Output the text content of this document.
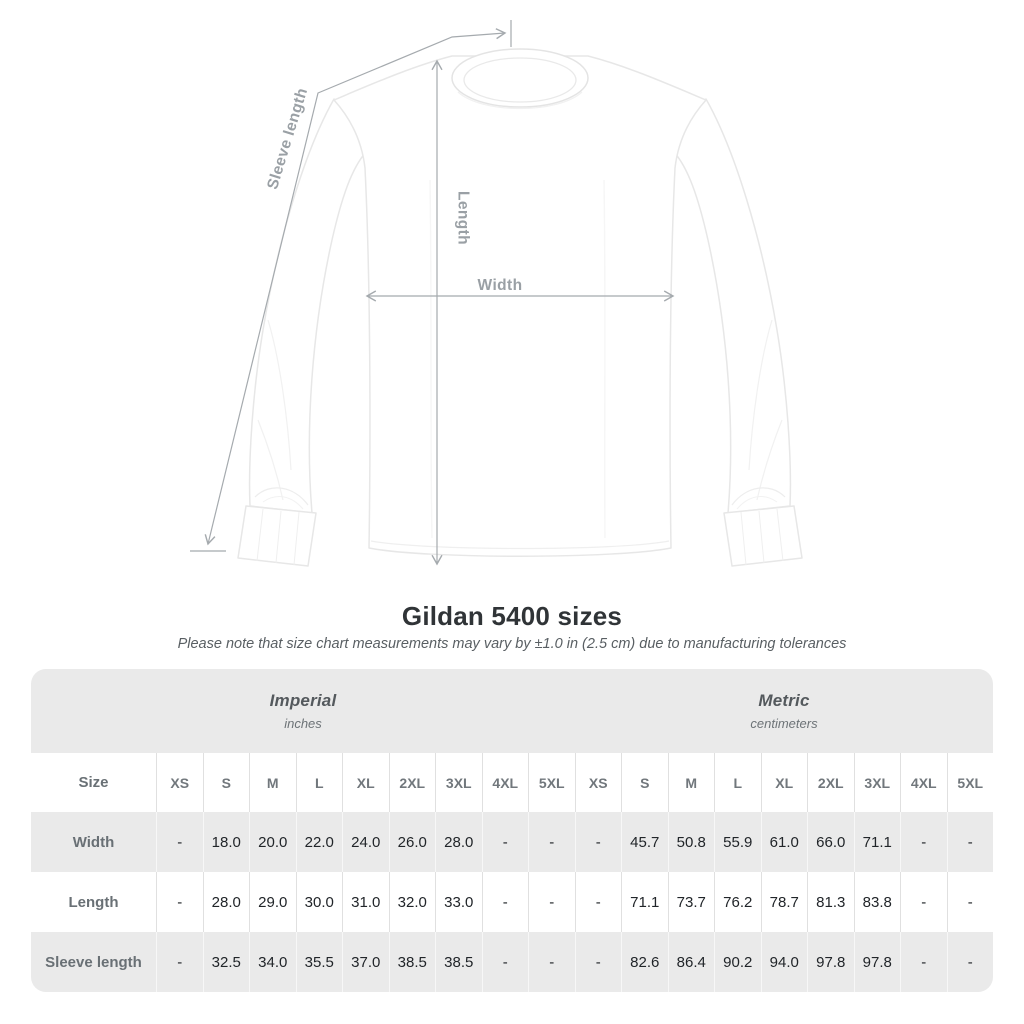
Sleeve length
Length
Width
Gildan 5400 sizes
Please note that size chart measurements may vary by ±1.0 in (2.5 cm) due to manufacturing tolerances
Imperial
inches
Metric
centimeters
Size	XS	S	M	L	XL	2XL	3XL	4XL	5XL	XS	S	M	L	XL	2XL	3XL	4XL	5XL
Width	-	18.0	20.0	22.0	24.0	26.0	28.0	-	-	-	45.7	50.8	55.9	61.0	66.0	71.1	-	-
Length	-	28.0	29.0	30.0	31.0	32.0	33.0	-	-	-	71.1	73.7	76.2	78.7	81.3	83.8	-	-
Sleeve length	-	32.5	34.0	35.5	37.0	38.5	38.5	-	-	-	82.6	86.4	90.2	94.0	97.8	97.8	-	-
